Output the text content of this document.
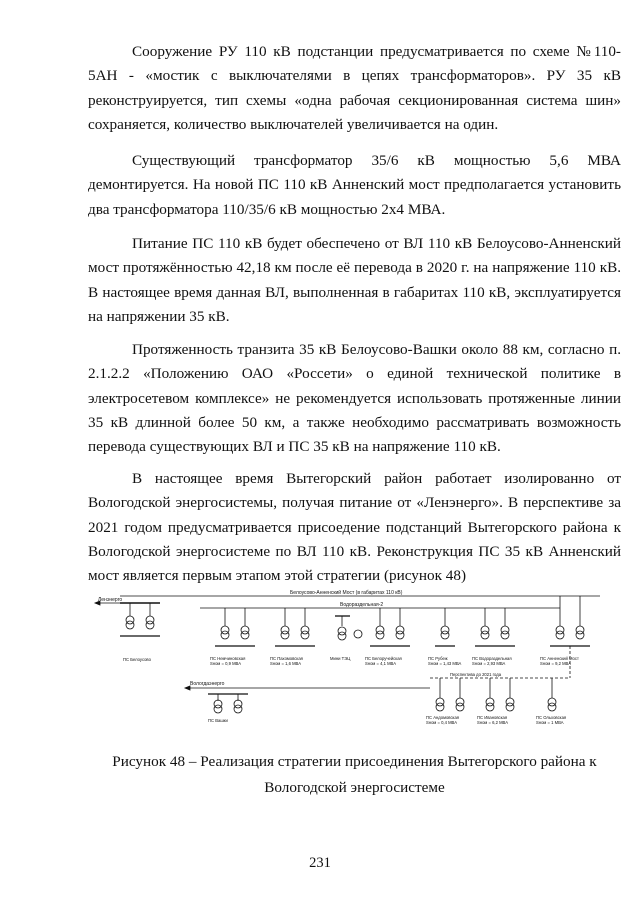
Сооружение РУ 110 кВ подстанции предусматривается по схеме №110-5АН - «мостик с выключателями в цепях трансформаторов». РУ 35 кВ реконструируется, тип схемы «одна рабочая секционированная система шин» сохраняется, количество выключателей увеличивается на один.
Существующий трансформатор 35/6 кВ мощностью 5,6 МВА демонтируется. На новой ПС 110 кВ Анненский мост предполагается установить два трансформатора 110/35/6 кВ мощностью 2х4 МВА.
Питание ПС 110 кВ будет обеспечено от ВЛ 110 кВ Белоусово-Анненский мост протяжённостью 42,18 км после её перевода в 2020 г. на напряжение 110 кВ. В настоящее время данная ВЛ, выполненная в габаритах 110 кВ, эксплуатируется на напряжении 35 кВ.
Протяженность транзита 35 кВ Белоусово-Вашки около 88 км, согласно п. 2.1.2.2 «Положению ОАО «Россети» о единой технической политике в электросетевом комплексе» не рекомендуется использовать протяженные линии 35 кВ длинной более 50 км, а также необходимо рассматривать возможность перевода существующих ВЛ и ПС 35 кВ на напряжение 110 кВ.
В настоящее время Вытегорский район работает изолированно от Вологодской энергосистемы, получая питание от «Ленэнерго». В перспективе за 2021 годом предусматривается присоедение подстанций Вытегорского района к Вологодской энергосистеме по ВЛ 110 кВ. Реконструкция ПС 35 кВ Анненский мост является первым этапом этой стратегии (рисунок 48)
Белоусово-Анненский Мост (в габаритах 110 кВ)
Водораздельная-2
Ленэнерго
ПС Белоусово	ПС Немчиновская
Sном = 0,9 МВА
ПС Пахомовская
Sном = 1,6 МВА
Мини ТЭЦ	ПС Белоручейская
Sном = 4,1 МВА
ПС Рубеж
Sном = 1,43 МВА
ПС Водораздельная
Sном = 2,93 МВА
ПС Анненский Мост
Sном = 9,2 МВА
Перспектива до 2021 года
Вологдаэнерго
ПС Вашки
ПС Андомовская
Sном = 0,4 МВА
ПС Ивановская
Sном = 6,2 МВА
ПС Ольховская
Sном = 1 МВА
Рисунок 48 – Реализация стратегии присоединения Вытегорского района к
Вологодской энергосистеме
231
